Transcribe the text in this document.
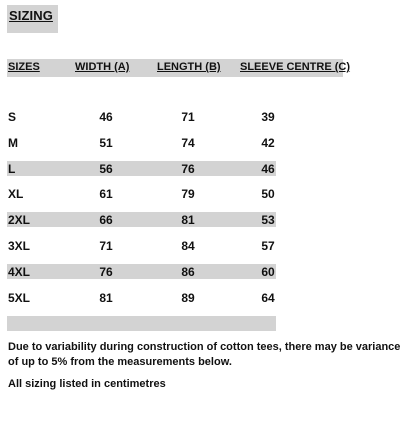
SIZING
SIZES	WIDTH (A)	LENGTH (B) SLEEVE CENTRE (C)
S	46	71	39
M	51	74	42
L	56	76	46
XL	61	79	50
2XL	66	81	53
3XL	71	84	57
4XL	76	86	60
5XL	81	89	64
Due to variability during construction of cotton tees, there may be variance of up to 5% from the measurements below.
All sizing listed in centimetres
